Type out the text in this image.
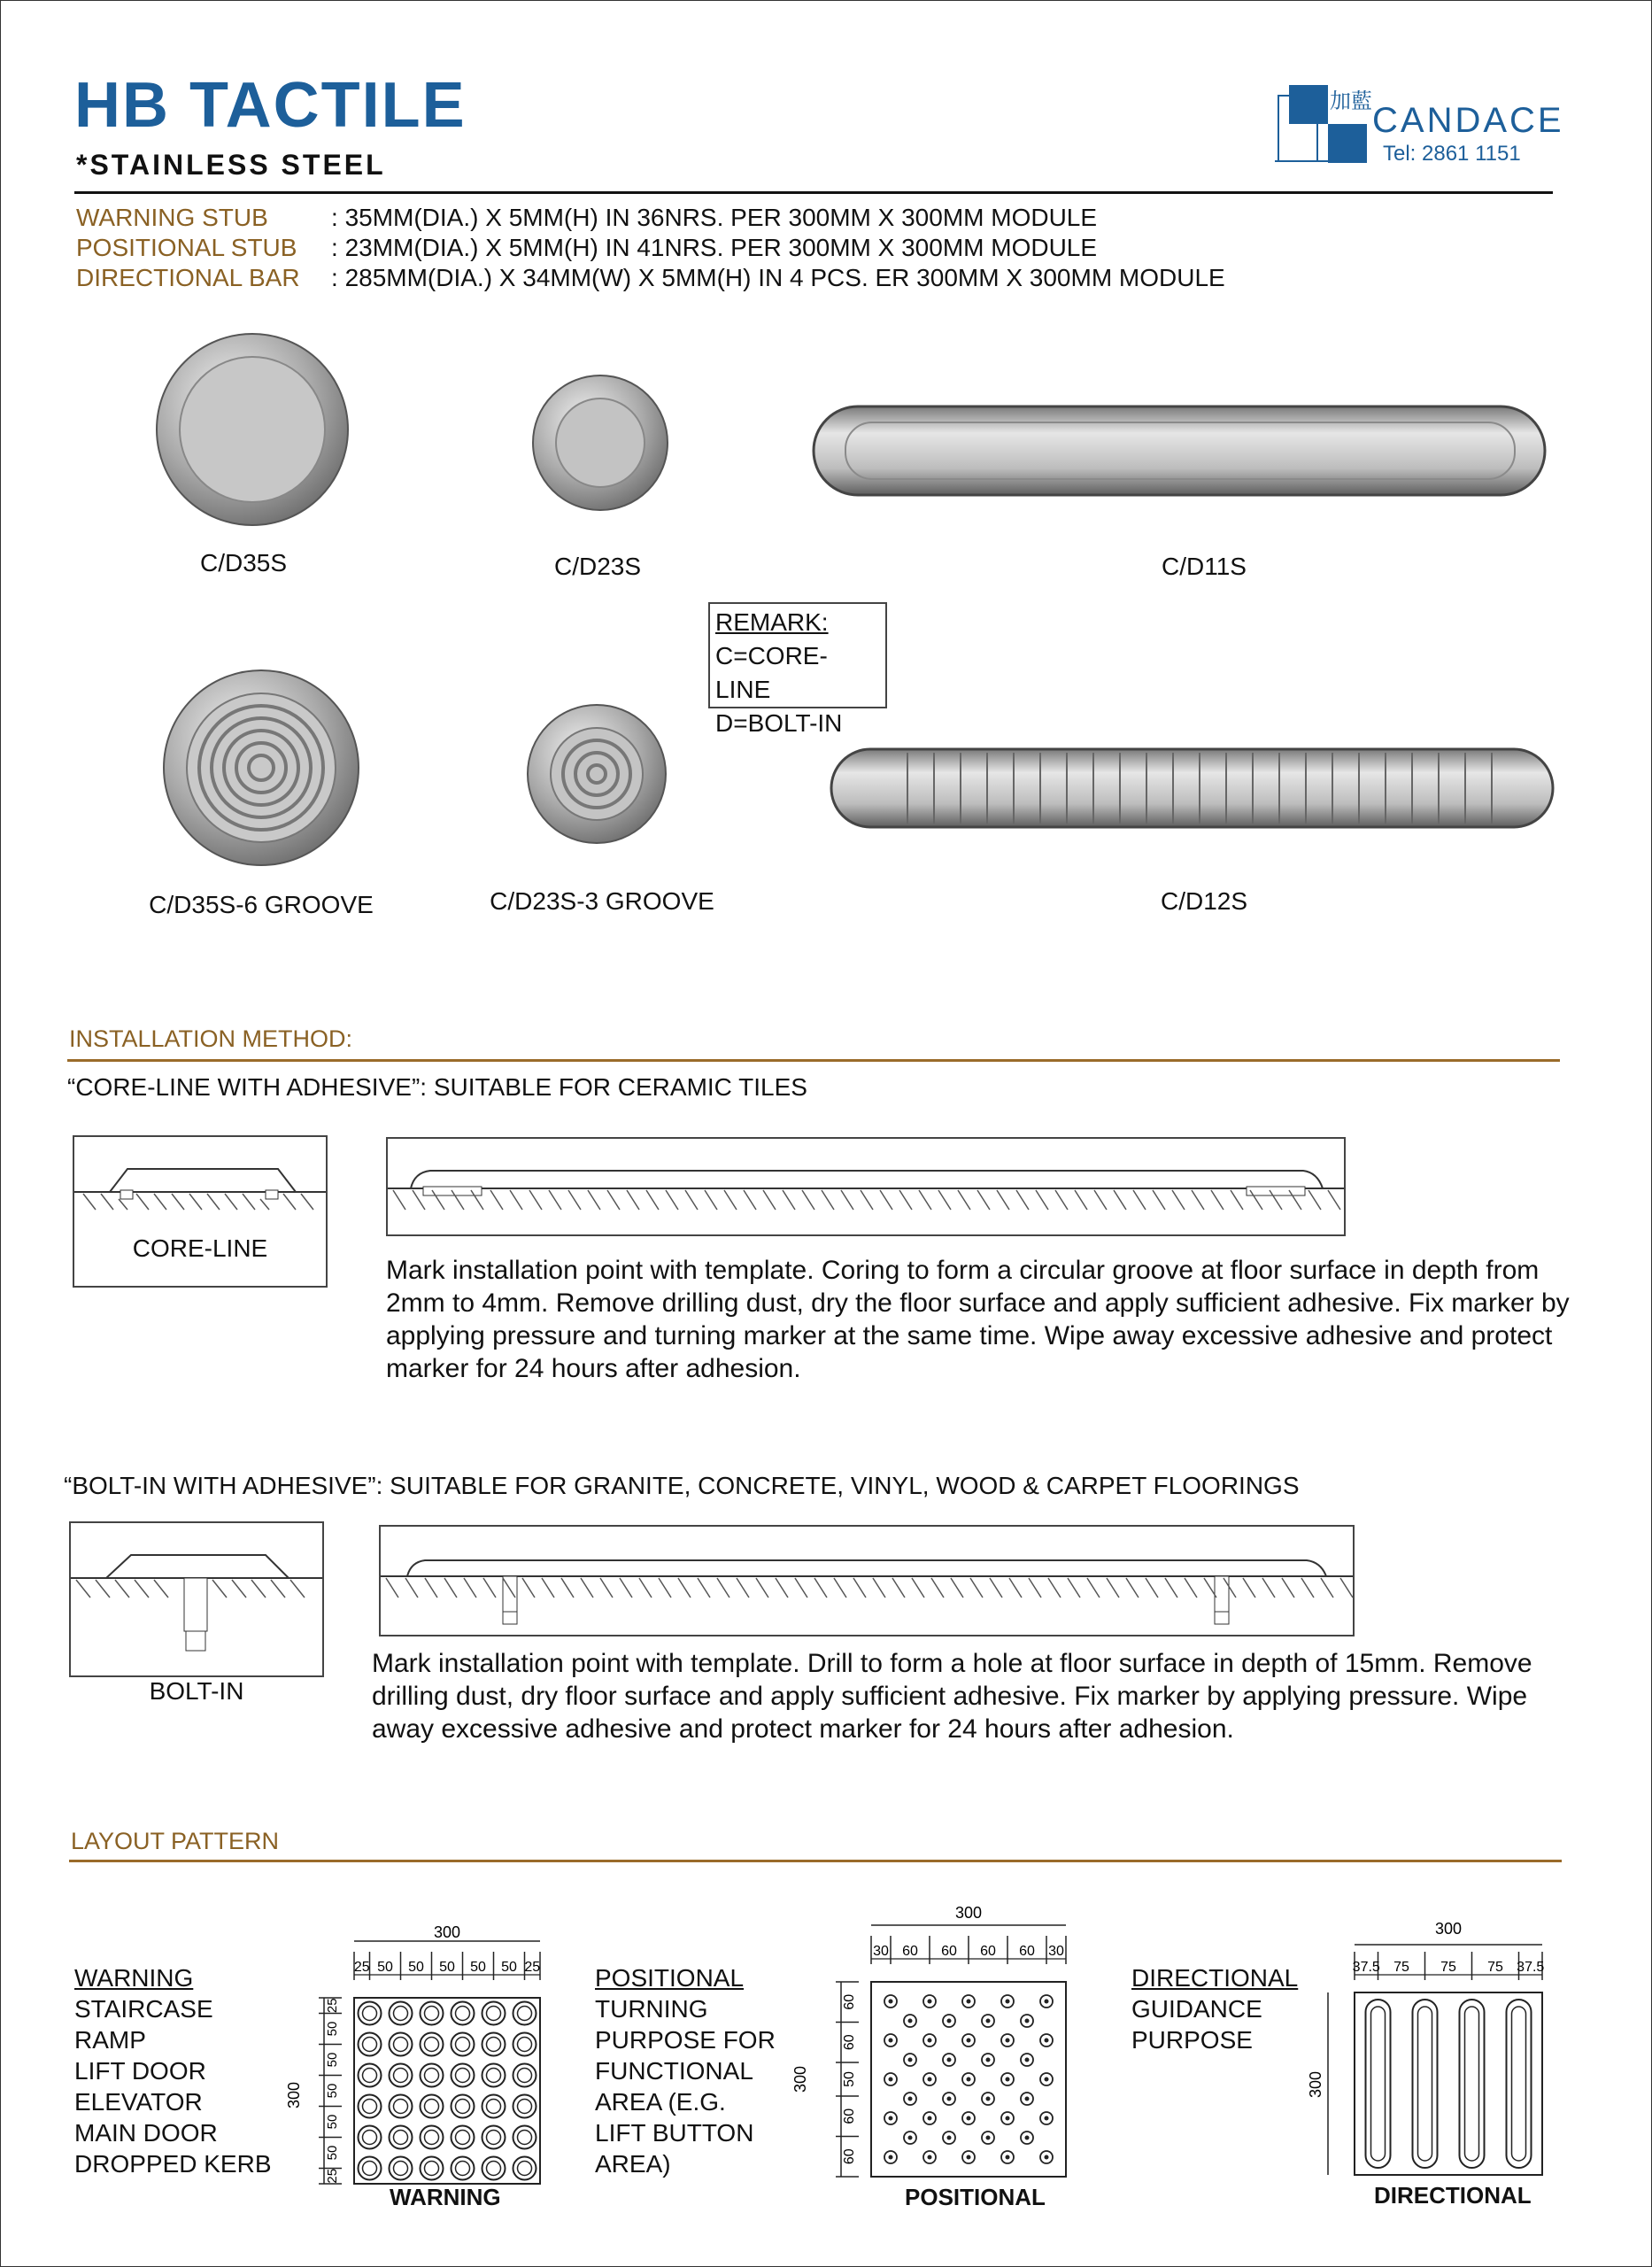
HB TACTILE
*STAINLESS STEEL
加藍 CANDACE
Tel: 2861 1151
WARNING STUB	: 35MM(DIA.) X 5MM(H) IN 36NRS. PER 300MM X 300MM MODULE
POSITIONAL STUB : 23MM(DIA.) X 5MM(H) IN 41NRS. PER 300MM X 300MM MODULE
DIRECTIONAL BAR : 285MM(DIA.) X 34MM(W) X 5MM(H) IN 4 PCS. ER 300MM X 300MM MODULE
C/D35S	C/D23S	C/D11S
C/D35S-6 GROOVE	C/D23S-3 GROOVE	C/D12S
REMARK:
C=CORE-LINE
D=BOLT-IN
INSTALLATION METHOD:
“CORE-LINE WITH ADHESIVE”: SUITABLE FOR CERAMIC TILES
CORE-LINE
Mark installation point with template. Coring to form a circular groove at floor surface in depth from 2mm to 4mm. Remove drilling dust, dry the floor surface and apply sufficient adhesive. Fix marker by applying pressure and turning marker at the same time. Wipe away excessive adhesive and protect marker for 24 hours after adhesion.
“BOLT-IN WITH ADHESIVE”: SUITABLE FOR GRANITE, CONCRETE, VINYL, WOOD & CARPET FLOORINGS
BOLT-IN
Mark installation point with template. Drill to form a hole at floor surface in depth of 15mm. Remove drilling dust, dry floor surface and apply sufficient adhesive. Fix marker by applying pressure. Wipe away excessive adhesive and protect marker for 24 hours after adhesion.
LAYOUT PATTERN
WARNING
STAIRCASE
RAMP
LIFT DOOR
ELEVATOR
MAIN DOOR
DROPPED KERB
POSITIONAL
TURNING
PURPOSE FOR
FUNCTIONAL
AREA (E.G.
LIFT BUTTON
AREA)
DIRECTIONAL
GUIDANCE
PURPOSE
300
25 50 50 50 50 50 25
300
25
50
50
50
50
50
25
WARNING
300
30 60 60 60 60 30
300
60
60
50
60
60
POSITIONAL
300
37.5 75 75 75 37.5
300
DIRECTIONAL
